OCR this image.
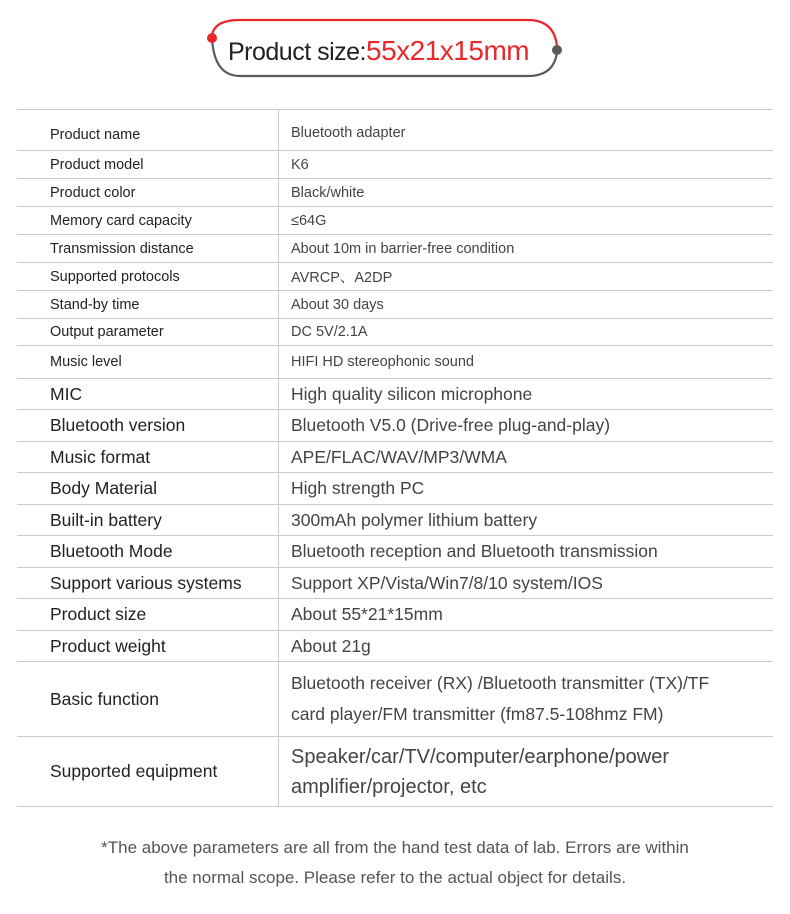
Product size:55x21x15mm
Product name	Bluetooth adapter
Product model	K6
Product color	Black/white
Memory card capacity	≤64G
Transmission distance	About 10m in barrier-free condition
Supported protocols	AVRCP、A2DP
Stand-by time	About 30 days
Output parameter	DC 5V/2.1A
Music level	HIFI HD stereophonic sound
MIC	High quality silicon microphone
Bluetooth version	Bluetooth V5.0 (Drive-free plug-and-play)
Music format	APE/FLAC/WAV/MP3/WMA
Body Material	High strength PC
Built-in battery	300mAh polymer lithium battery
Bluetooth Mode	Bluetooth reception and Bluetooth transmission
Support various systems	Support XP/Vista/Win7/8/10 system/IOS
Product size	About 55*21*15mm
Product weight	About 21g
Basic function	Bluetooth receiver (RX) /Bluetooth transmitter (TX)/TF card player/FM transmitter (fm87.5-108hmz FM)
Supported equipment	Speaker/car/TV/computer/earphone/power amplifier/projector, etc
*The above parameters are all from the hand test data of lab. Errors are within
the normal scope. Please refer to the actual object for details.
